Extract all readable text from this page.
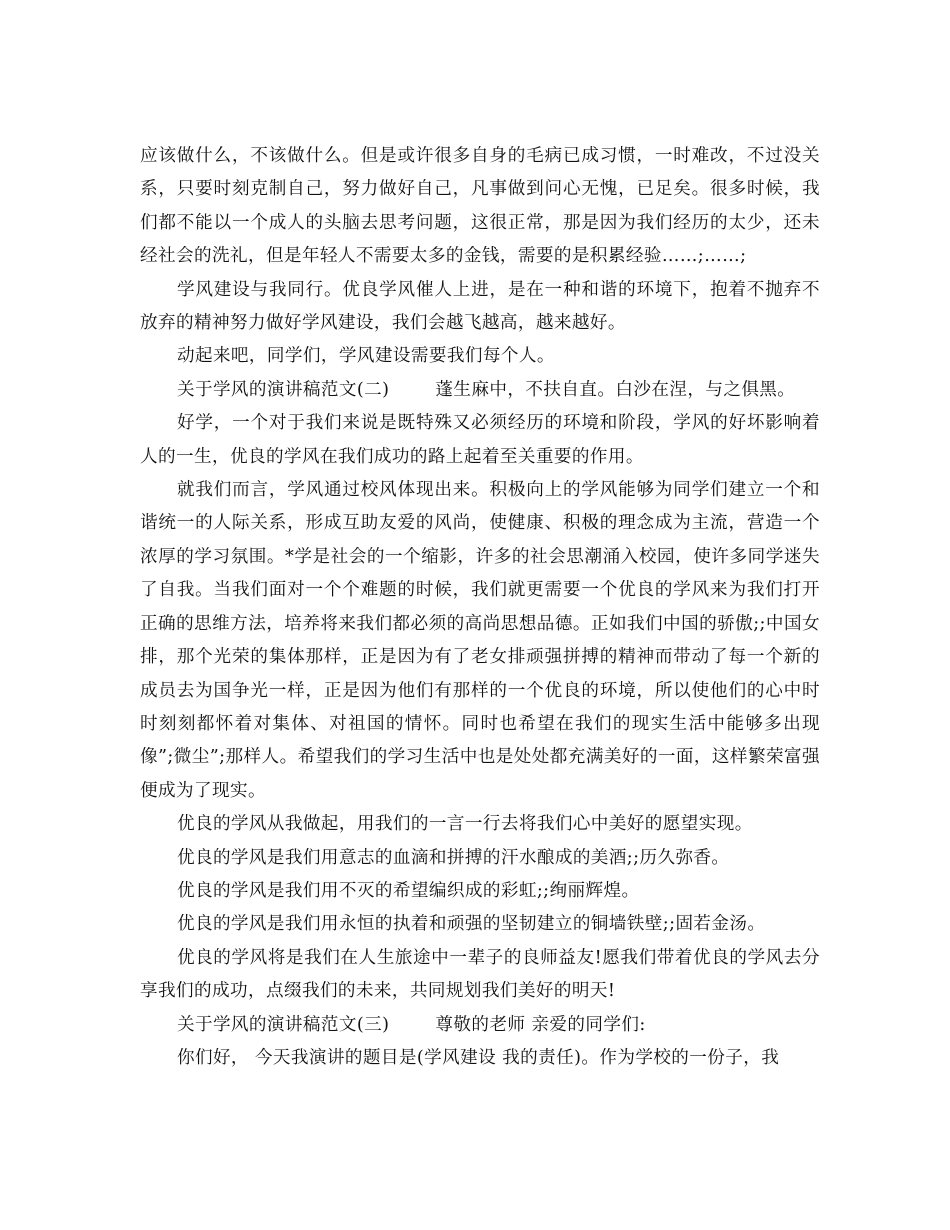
应该做什么，不该做什么。但是或许很多自身的毛病已成习惯，一时难改，不过没关系，只要时刻克制自己，努力做好自己，凡事做到问心无愧，已足矣。很多时候，我们都不能以一个成人的头脑去思考问题，这很正常，那是因为我们经历的太少，还未经社会的洗礼，但是年轻人不需要太多的金钱，需要的是积累经验……;……;

学风建设与我同行。优良学风催人上进，是在一种和谐的环境下，抱着不抛弃不放弃的精神努力做好学风建设，我们会越飞越高，越来越好。

动起来吧，同学们，学风建设需要我们每个人。

关于学风的演讲稿范文(二)	蓬生麻中，不扶自直。白沙在涅，与之俱黑。

好学，一个对于我们来说是既特殊又必须经历的环境和阶段，学风的好坏影响着人的一生，优良的学风在我们成功的路上起着至关重要的作用。

就我们而言，学风通过校风体现出来。积极向上的学风能够为同学们建立一个和谐统一的人际关系，形成互助友爱的风尚，使健康、积极的理念成为主流，营造一个浓厚的学习氛围。*学是社会的一个缩影，许多的社会思潮涌入校园，使许多同学迷失了自我。当我们面对一个个难题的时候，我们就更需要一个优良的学风来为我们打开正确的思维方法，培养将来我们都必须的高尚思想品德。正如我们中国的骄傲;;中国女排，那个光荣的集体那样，正是因为有了老女排顽强拼搏的精神而带动了每一个新的成员去为国争光一样，正是因为他们有那样的一个优良的环境，所以使他们的心中时时刻刻都怀着对集体、对祖国的情怀。同时也希望在我们的现实生活中能够多出现像”;微尘”;那样人。希望我们的学习生活中也是处处都充满美好的一面，这样繁荣富强便成为了现实。

优良的学风从我做起，用我们的一言一行去将我们心中美好的愿望实现。

优良的学风是我们用意志的血滴和拼搏的汗水酿成的美酒;;历久弥香。

优良的学风是我们用不灭的希望编织成的彩虹;;绚丽辉煌。

优良的学风是我们用永恒的执着和顽强的坚韧建立的铜墙铁壁;;固若金汤。

优良的学风将是我们在人生旅途中一辈子的良师益友!愿我们带着优良的学风去分享我们的成功，点缀我们的未来，共同规划我们美好的明天!

关于学风的演讲稿范文(三)	尊敬的老师 亲爱的同学们:

你们好， 今天我演讲的题目是(学风建设 我的责任)。作为学校的一份子，我
